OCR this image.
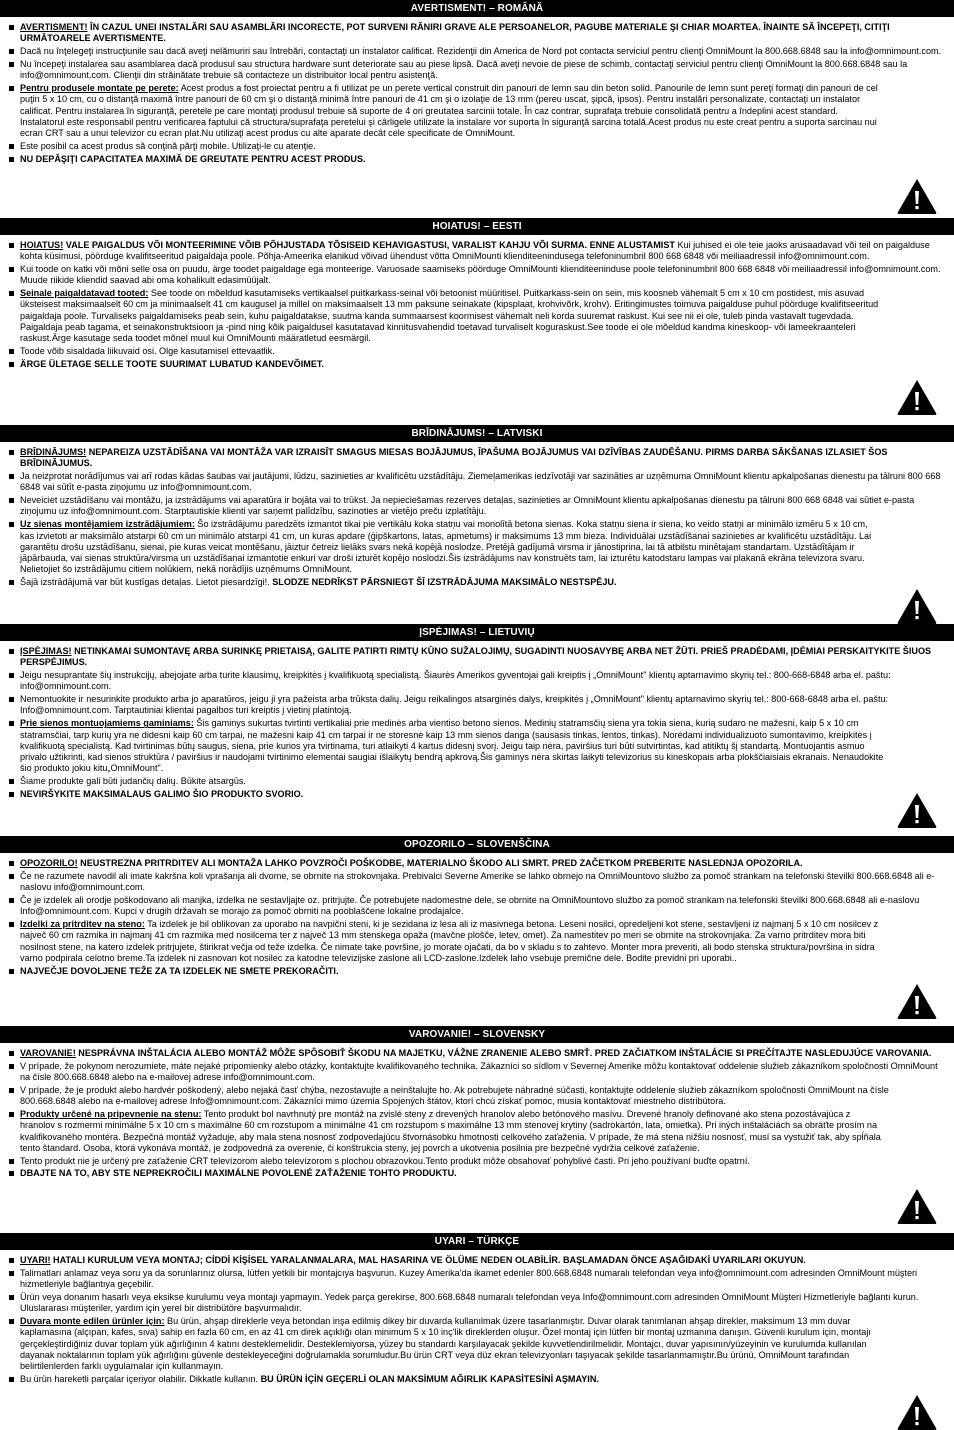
AVERTISMENT! – ROMÂNĂ
AVERTISMENT! ÎN CAZUL UNEI INSTALĂRI SAU ASAMBLĂRI INCORECTE, POT SURVENI RĂNIRI GRAVE ALE PERSOANELOR, PAGUBE MATERIALE ŞI CHIAR MOARTEA. ÎNAINTE SĂ ÎNCEPEŢI, CITIŢI URMĂTOARELE AVERTISMENTE.
Dacă nu înţelegeţi instrucţiunile sau dacă aveţi nelămuriri sau întrebări, contactaţi un instalator calificat. Rezidenţii din America de Nord pot contacta serviciul pentru clienţi OmniMount la 800.668.6848 sau la info@omnimount.com.
Nu începeţi instalarea sau asamblarea dacă produsul sau structura hardware sunt deteriorate sau au piese lipsă. Dacă aveţi nevoie de piese de schimb, contactaţi serviciul pentru clienţi OmniMount la 800.668.6848 sau la info@omnimount.com. Clienţii din străinătate trebuie să contacteze un distribuitor local pentru asistenţă.
Pentru produsele montate pe perete: Acest produs a fost proiectat pentru a fi utilizat pe un perete vertical construit din panouri de lemn sau din beton solid. Panourile de lemn sunt pereţi formaţi din panouri de cel puţin 5 x 10 cm, cu o distanţă maximă între panouri de 60 cm şi o distanţă minimă între panouri de 41 cm şi o izolaţie de 13 mm (pereu uscat, şipcă, ipsos). Pentru instalări personalizate, contactaţi un instalator calificat. Pentru instalarea în siguranţă, peretele pe care montaţi produsul trebuie să suporte de 4 ori greutatea sarcinii totale. În caz contrar, suprafaţa trebuie consolidată pentru a îndeplini acest standard. Instalatorul este responsabil pentru verificarea faptului că structura/suprafaţa peretelui şi cârligele utilizate la instalare vor suporta în siguranţă sarcina totală.Acest produs nu este creat pentru a suporta sarcinau nui ecran CRT sau a unui televizor cu ecran plat.Nu utilizaţi acest produs cu alte aparate decât cele specificate de OmniMount.
Este posibil ca acest produs să conţină părţi mobile. Utilizaţi-le cu atenţie.
NU DEPĂŞIŢI CAPACITATEA MAXIMĂ DE GREUTATE PENTRU ACEST PRODUS.
HOIATUS! – EESTI
HOIATUS! VALE PAIGALDUS VÕI MONTEERIMINE VÕIB PÕHJUSTADA TÕSISEID KEHAVIGASTUSI, VARALIST KAHJU VÕI SURMA. ENNE ALUSTAMIST Kui juhised ei ole teie jaoks arusaadavad või teil on paigalduse kohta küsimusi, pöörduge kvalifitseeritud paigaldaja poole. Põhja-Ameerika elanikud võivad ühendust võtta OmniMounti klienditeenindusega telefoninumbril 800 668 6848 või meiliaadressil info@omnimount.com.
Kui toode on katki või mõni selle osa on puudu, ärge toodet paigaldage ega monteerige. Varuosade saamiseks pöörduge OmniMounti klienditeeninduse poole telefoninumbril 800 668 6848 või meiliaadressil info@omnimount.com. Muude riikide kliendid saavad abi oma kohalikult edasimüüjalt.
Seinale paigaldatavad tooted: See toode on mõeldud kasutamiseks vertikaalsel puitkarkass-seinal või betoonist müüritisel. Puitkarkass-sein on sein, mis koosneb vähemalt 5 cm x 10 cm postidest, mis asuvad üksteisest maksimaalselt 60 cm ja minimaalselt 41 cm kaugusel ja millel on maksimaalselt 13 mm paksune seinakate (kipsplaat, krohvivõrk, krohv). Eritingimustes toimuva paigalduse puhul pöörduge kvalifitseeritud paigaldaja poole. Turvaliseks paigaldamiseks peab sein, kuhu paigaldatakse, suutma kanda summaarsest koormisest vähemalt neli korda suuremat raskust. Kui see nii ei ole, tuleb pinda vastavalt tugevdada. Paigaldaja peab tagama, et seinakonstruktsioon ja -pind ning kõik paigaldusel kasutatavad kinnitusvahendid toetavad turvaliselt koguraskust.See toode ei ole mõeldud kandma kineskoop- või lameekraanteleri raskust.Ärge kasutage seda toodet mõnel muul kui OmniMounti määratletud eesmärgil.
Toode võib sisaldada liikuvaid osi. Olge kasutamisel ettevaatlik.
ÄRGE ÜLETAGE SELLE TOOTE SUURIMAT LUBATUD KANDEVÕIMET.
BRĪDINĀJUMS! – LATVISKI
BRĪDINĀJUMS! NEPAREIZA UZSTĀDĪŠANA VAI MONTĀŽA VAR IZRAISĪT SMAGUS MIESAS BOJĀJUMUS, ĪPAŠUMA BOJĀJUMUS VAI DZĪVĪBAS ZAUDĒŠANU. PIRMS DARBA SĀKŠANAS IZLASIET ŠOS BRĪDINĀJUMUS.
Ja neizprotat norādījumus vai arī rodas kādas šaubas vai jautājumi, lūdzu, sazinieties ar kvalificētu uzstādītāju. Ziemeļamerikas iedzīvotāji var sazināties ar uzņēmuma OmniMount klientu apkalpošanas dienestu pa tālruni 800 668 6848 vai sūtīt e-pasta ziņojumu uz info@omnimount.com.
Neveiciet uzstādīšanu vai montāžu, ja izstrādājums vai aparatūra ir bojāta vai to trūkst. Ja nepieciešamas rezerves detaļas, sazinieties ar OmniMount klientu apkalpošanas dienestu pa tālruni 800 668 6848 vai sūtiet e-pasta ziņojumu uz info@omnimount.com. Starptautiskie klienti var saņemt palīdzību, sazinoties ar vietējo preču izplatītāju.
Uz sienas montējamiem izstrādājumiem: Šo izstrādājumu paredzēts izmantot tikai pie vertikālu koka statņu vai monolītā betona sienas. Koka statņu siena ir siena, ko veido statņi ar minimālo izmēru 5 x 10 cm, kas izvietoti ar maksimālo atstarpi 60 cm un minimālo atstarpi 41 cm, un kuras apdare (ģipškartons, latas, apmetums) ir maksimums 13 mm bieza. Individuālai uzstādīšanai sazinieties ar kvalificētu uzstādītāju. Lai garantētu drošu uzstādīšanu, sienai, pie kuras veicat montēšanu, jāiztur četreiz lielāks svars nekā kopējā noslodze. Pretējā gadījumā virsma ir jānostiprina, lai tā atbilstu minētajam standartam. Uzstādītājam ir jāpārbauda, vai sienas struktūra/virsma un uzstādīšanai izmantotie enkuri var droši izturēt kopējo noslodzi.Šis izstrādājums nav konstruēts tam, lai izturētu katodstaru lampas vai plakanā ekrāna televizora svaru. Nelietojiet šo izstrādājumu citiem nolūkiem, nekā norādījis uzņēmums OmniMount.
Šajā izstrādājumā var būt kustīgas detaļas. Lietot piesardzīgi!. SLODZE NEDRĪKST PĀRSNIEGT ŠĪ IZSTRĀDĀJUMA MAKSIMĀLO NESTSPĒJU.
ĮSPĖJIMAS! – LIETUVIŲ
ĮSPĖJIMAS! NETINKAMAI SUMONTAVĘ ARBA SURINKĘ PRIETAISĄ, GALITE PATIRTI RIMTŲ KŪNO SUŽALOJIMŲ, SUGADINTI NUOSAVYBĘ ARBA NET ŽŪTI. PRIEŠ PRADĖDAMI, ĮDĖMIAI PERSKAITYKITE ŠIUOS PERSPĖJIMUS.
Jeigu nesuprantate šių instrukcijų, abejojate arba turite klausimų, kreipkitės į kvalifikuotą specialistą. Šiaurės Amerikos gyventojai gali kreiptis į „OmniMount" klientų aptarnavimo skyrių tel.: 800-668-6848 arba el. paštu: info@omnimount.com.
Nemontuokite ir nesurinkite produkto arba jo aparatūros, jeigu ji yra pažeista arba trūksta dalių. Jeigu reikalingos atsarginės dalys, kreipkitės į „OmniMount" klientų aptarnavimo skyrių tel.: 800-668-6848 arba el. paštu: Info@omnimount.com. Tarptautiniai klientai pagalbos turi kreiptis į vietinį platintoją.
Prie sienos montuojamiems gaminiams: Šis gaminys sukurtas tvirtinti vertikaliai prie medinės arba vientiso betono sienos. Medinių statramsčių siena yra tokia siena, kurią sudaro ne mažesni, kaip 5 x 10 cm statramsčiai, tarp kurių yra ne didesni kaip 60 cm tarpai, ne mažesni kaip 41 cm tarpai ir ne storesnė kaip 13 mm sienos danga (sausasis tinkas, lentos, tinkas). Norėdami individualizuoto sumontavimo, kreipkitės į kvalifikuotą specialistą. Kad tvirtinimas būtų saugus, siena, prie kurios yra tvirtinama, turi atlaikyti 4 kartus didesnį svorį. Jeigu taip nėra, paviršius turi būti sutvirtintas, kad atitiktų šį standartą. Montuojantis asmuo privalo užtikrinti, kad sienos struktūra / paviršius ir naudojami tvirtinimo elementai saugiai išlaikytų bendrą apkrovą.Šis gaminys nėra skirtas laikyti televizorius su kineskopais arba plokščiaisiais ekranais. Nenaudokite šio produkto jokiu kitu„OmniMount".
Šiame produkte gali būti judančių dalių. Būkite atsargūs.
NEVIRŠYKITE MAKSIMALAUS GALIMO ŠIO PRODUKTO SVORIO.
OPOZORILO – SLOVENŠČINA
OPOZORILO! NEUSTREZNA PRITRDITEV ALI MONTAŽA LAHKO POVZROČI POŠKODBE, MATERIALNO ŠKODO ALI SMRT. PRED ZAČETKOM PREBERITE NASLEDNJA OPOZORILA.
Če ne razumete navodil ali imate kakršna koli vprašanja ali dvome, se obrnite na strokovnjaka. Prebivalci Severne Amerike se lahko obrnejo na OmniMountovo službo za pomoč strankam na telefonski številki 800.668.6848 ali e-naslovu info@omnimount.com.
Če je izdelek ali orodje poškodovano ali manjka, izdelka ne sestavljajte oz. pritrjujte. Če potrebujete nadomestne dele, se obrnite na OmniMountovo službo za pomoč strankam na telefonski številki 800.668.6848 ali e-naslovu Info@omnimount.com. Kupci v drugih državah se morajo za pomoč obrniti na pooblaščene lokalne prodajalce.
Izdelki za pritrditev na steno: Ta izdelek je bil oblikovan za uporabo na navpični steni, ki je sezidana iz lesa ali iz masivnega betona. Leseni nosilci, opredeljeni kot stene, sestavljeni iz najmanj 5 x 10 cm nosilcev z največ 60 cm razmika in najmanj 41 cm razmika med nosilcema ter z največ 13 mm stenskega opaža (mavčne plošče, letev, omet). Za namestitev po meri se obrnite na strokovnjaka. Za varno pritrditev mora biti nosilnost stene, na katero izdelek pritrjujete, štirikrat večja od teže izdelka. Če nimate take površine, jo morate ojačati, da bo v skladu s to zahtevo. Monter mora preveriti, ali bodo stenska struktura/površina in sidra varno podpirala celotno breme.Ta izdelek ni zasnovan kot nosilec za katodne televizijske zaslone ali LCD-zaslone.Izdelek laho vsebuje premične dele. Bodite previdni pri uporabi..
NAJVEČJE DOVOLJENE TEŽE ZA TA IZDELEK NE SMETE PREKORAČITI.
VAROVANIE! – SLOVENSKY
VAROVANIE! NESPRÁVNA INŠTALÁCIA ALEBO MONTÁŽ MÔŽE SPÔSOBIŤ ŠKODU NA MAJETKU, VÁŽNE ZRANENIE ALEBO SMRŤ. PRED ZAČIATKOM INŠTALÁCIE SI PREČÍTAJTE NASLEDUJÚCE VAROVANIA.
V prípade, že pokynom nerozumiete, máte nejaké pripomienky alebo otázky, kontaktujte kvalifikovaného technika. Zákazníci so sídlom v Severnej Amerike môžu kontaktovať oddelenie služieb zákazníkom spoločnosti OmniMount na čísle 800.668.6848 alebo na e-mailovej adrese info@omnimount.com.
V prípade, že je produkt alebo hardvér poškodený, alebo nejaká časť chýba, nezostavujte a neinštalujte ho. Ak potrebujete náhradné súčasti, kontaktujte oddelenie služieb zákazníkom spoločnosti OmniMount na čísle 800.668.6848 alebo na e-mailovej adrese Info@omnimount.com. Zákazníci mimo územia Spojených štátov, ktorí chcú získať pomoc, musia kontaktovať miestneho distribútora.
Produkty určené na pripevnenie na stenu: Tento produkt bol navrhnutý pre montáž na zvislé steny z drevených hranolov alebo betónového masívu. Drevené hranoly definované ako stena pozostávajúca z hranolov s rozmermi minimálne 5 x 10 cm s maximálne 60 cm rozstupom a minimálne 41 cm rozstupom s maximálne 13 mm stenovej krytiny (sadrokartón, lata, omietka). Pri iných inštaláciách sa obráťte prosím na kvalifikovaného montéra. Bezpečná montáž vyžaduje, aby mala stena nosnosť zodpovedajúcu štvornásobku hmotnosti celkového zaťaženia. V prípade, že má stena nižšiu nosnosť, musí sa vystužiť tak, aby spĺňala tento štandard. Osoba, ktorá vykonáva montáž, je zodpovedná za overenie, či konštrukcia steny, jej povrch a ukotvenia posilnia pre bezpečné vydržia celkové zaťaženie.
Tento produkt nie je určený pre zaťaženie CRT televízorom alebo televízorom s plochou obrazovkou.Tento produkt môže obsahovať pohyblivé časti. Pri jeho používaní buďte opatrní.
DBAJTE NA TO, ABY STE NEPREKROČILI MAXIMÁLNE POVOLENÉ ZAŤAŽENIE TOHTO PRODUKTU.
UYARI – TÜRKÇE
UYARI! HATALI KURULUM VEYA MONTAJ; CİDDİ KİŞİSEL YARALANMALARA, MAL HASARINA VE ÖLÜME NEDEN OLABİLİR. BAŞLAMADAN ÖNCE AŞAĞIDAKİ UYARILARI OKUYUN.
Talimatları anlamaz veya soru ya da sorunlarınız olursa, lütfen yetkili bir montajcıya başvurun. Kuzey Amerika'da ikamet edenler 800.668.6848 numaralı telefondan veya info@omnimount.com adresinden OmniMount müşteri hizmetleriyle bağlantıya geçebilir.
Ürün veya donanım hasarlı veya eksikse kurulumu veya montajı yapmayın. Yedek parça gerekirse, 800.668.6848 numaralı telefondan veya Info@omnimount.com adresinden OmniMount Müşteri Hizmetleriyle bağlantı kurun. Uluslararası müşteriler, yardım için yerel bir distribütöre başvurmalıdır.
Duvara monte edilen ürünler için: Bu ürün, ahşap direklerle veya betondan inşa edilmiş dikey bir duvarda kullanılmak üzere tasarlanmıştır. Duvar olarak tanımlanan ahşap direkler, maksimum 13 mm duvar kaplamasına (alçıpan, kafes, sıva) sahip en fazla 60 cm, en az 41 cm direk açıklığı olan minimum 5 x 10 inç'lik direklerden oluşur. Özel montaj için lütfen bir montaj uzmanına danışın. Güvenli kurulum için, montajı gerçekleştirdiğiniz duvar toplam yük ağırlığının 4 katını desteklemelidir. Desteklemiyorsa, yüzey bu standardı karşılayacak şekilde kuvvetlendirilmelidir. Montajcı, duvar yapısının/yüzeyinin ve kurulumda kullanılan dayanak noktalarının toplam yük ağırlığını güvenle destekleyeceğini doğrulamakla sorumludur.Bu ürün CRT veya düz ekran televizyonları taşıyacak şekilde tasarlanmamıştır.Bu ürünü, OmniMount tarafından belirtilenlerden farklı uygulamalar için kullanmayın.
Bu ürün hareketli parçalar içeriyor olabilir. Dikkatle kullanın. BU ÜRÜN İÇİN GEÇERLİ OLAN MAKSİMUM AĞIRLIK KAPASİTESİNİ AŞMAYIN.
